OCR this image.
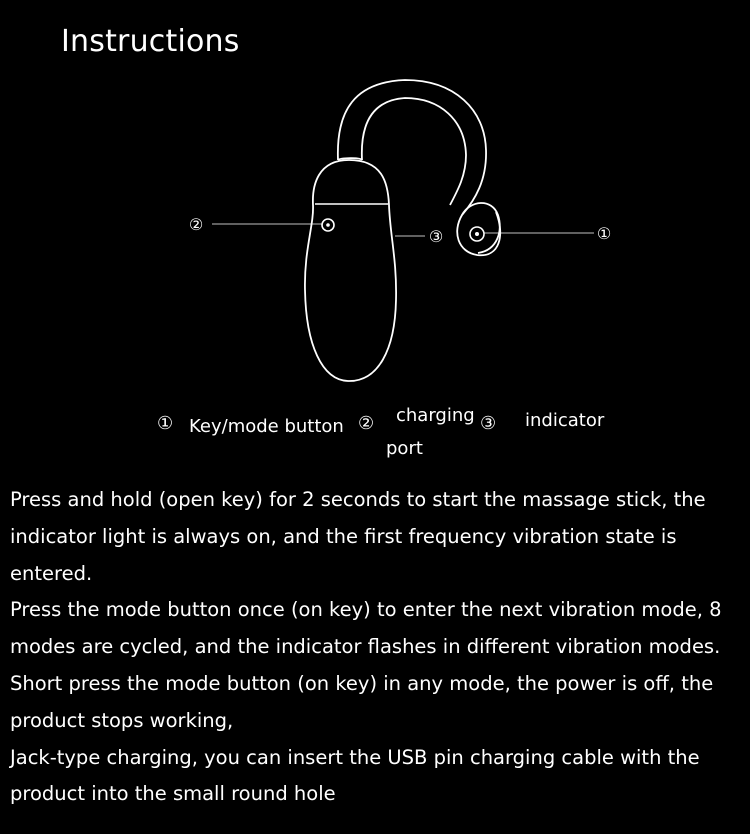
Instructions
②
③	①
① Key/mode button ② charging
port
③ indicator

Press and hold (open key) for 2 seconds to start the massage stick, the

indicator light is always on, and the first frequency vibration state is entered.

Press the mode button once (on key) to enter the next vibration mode, 8

modes are cycled, and the indicator flashes in different vibration modes.

Short press the mode button (on key) in any mode, the power is off, the

product stops working,

Jack-type charging, you can insert the USB pin charging cable with the

product into the small round hole
